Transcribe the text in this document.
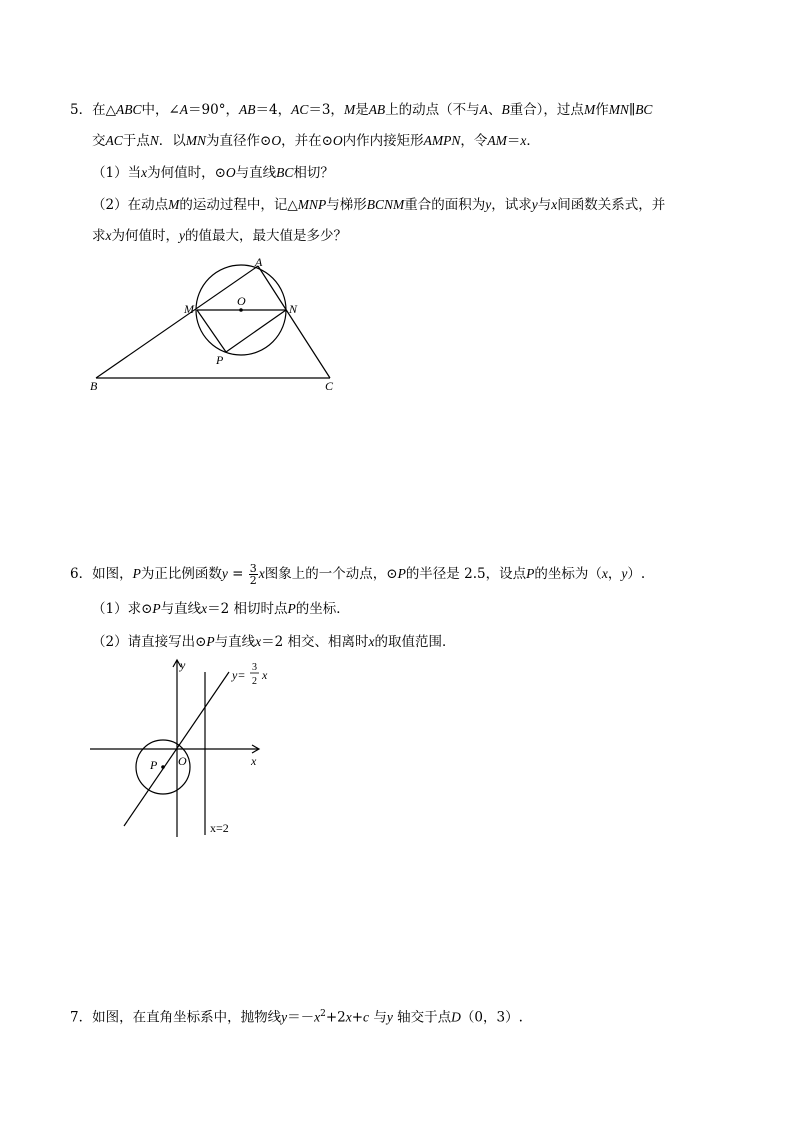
5．在△ABC中，∠A＝90°，AB＝4，AC＝3，M是AB上的动点（不与A、B重合），过点M作MN∥BC
交AC于点N．以MN为直径作⊙O，并在⊙O内作内接矩形AMPN，令AM＝x．
（1）当x为何值时，⊙O与直线BC相切？
（2）在动点M的运动过程中，记△MNP与梯形BCNM重合的面积为y，试求y与x间函数关系式，并
求x为何值时，y的值最大，最大值是多少？
A
M
O
N
P
B	C
6．如图，P为正比例函数$y = \frac{3}{2}$ x图象上的一个动点，⊙P的半径是 2.5，设点P的坐标为（x，y）.
（1）求⊙P与直线x＝2 相切时点P的坐标．
（2）请直接写出⊙P与直线x＝2 相交、相离时x的取值范围．
y
x
O
P
y=
3
2 x
x=2
7．如图，在直角坐标系中，抛物线$y=-x^2+2x+c$ 与y 轴交于点D（0，3）.
